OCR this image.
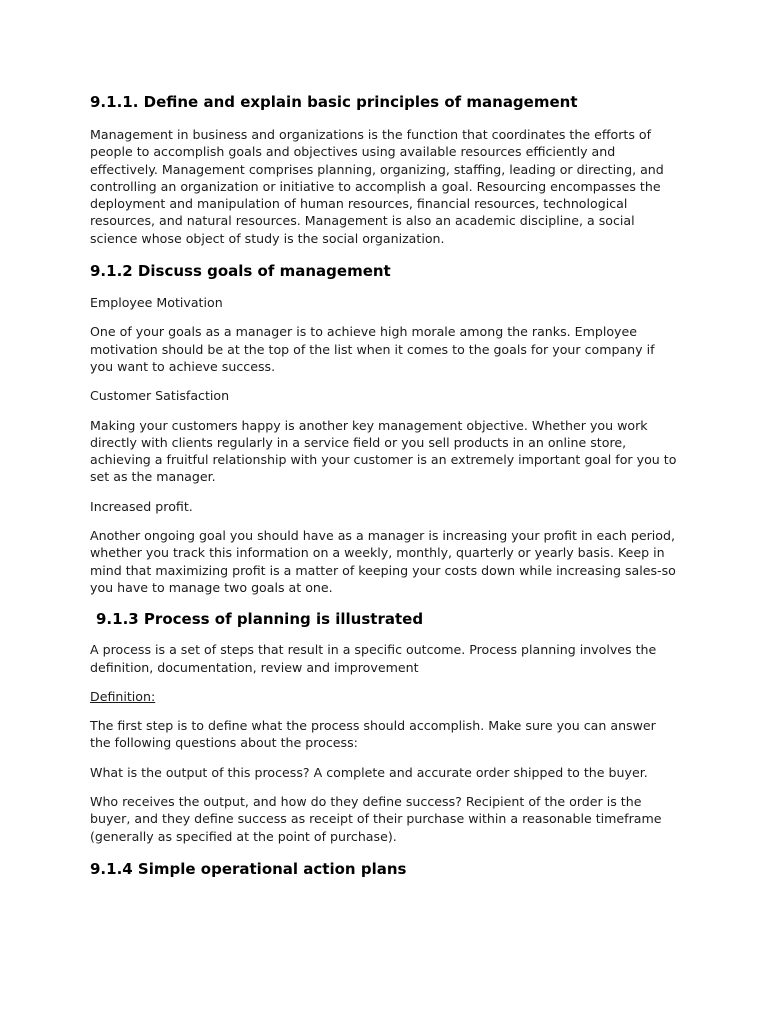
9.1.1. Define and explain basic principles of management

Management in business and organizations is the function that coordinates the efforts of people to accomplish goals and objectives using available resources efficiently and effectively. Management comprises planning, organizing, staffing, leading or directing, and controlling an organization or initiative to accomplish a goal. Resourcing encompasses the deployment and manipulation of human resources, financial resources, technological resources, and natural resources. Management is also an academic discipline, a social science whose object of study is the social organization.

9.1.2 Discuss goals of management

Employee Motivation

One of your goals as a manager is to achieve high morale among the ranks. Employee motivation should be at the top of the list when it comes to the goals for your company if you want to achieve success.

Customer Satisfaction

Making your customers happy is another key management objective. Whether you work directly with clients regularly in a service field or you sell products in an online store, achieving a fruitful relationship with your customer is an extremely important goal for you to set as the manager.

Increased profit.

Another ongoing goal you should have as a manager is increasing your profit in each period, whether you track this information on a weekly, monthly, quarterly or yearly basis. Keep in mind that maximizing profit is a matter of keeping your costs down while increasing sales-so you have to manage two goals at one.

9.1.3 Process of planning is illustrated

A process is a set of steps that result in a specific outcome. Process planning involves the definition, documentation, review and improvement

Definition:

The first step is to define what the process should accomplish. Make sure you can answer the following questions about the process:

What is the output of this process? A complete and accurate order shipped to the buyer.

Who receives the output, and how do they define success? Recipient of the order is the buyer, and they define success as receipt of their purchase within a reasonable timeframe (generally as specified at the point of purchase).

9.1.4 Simple operational action plans
